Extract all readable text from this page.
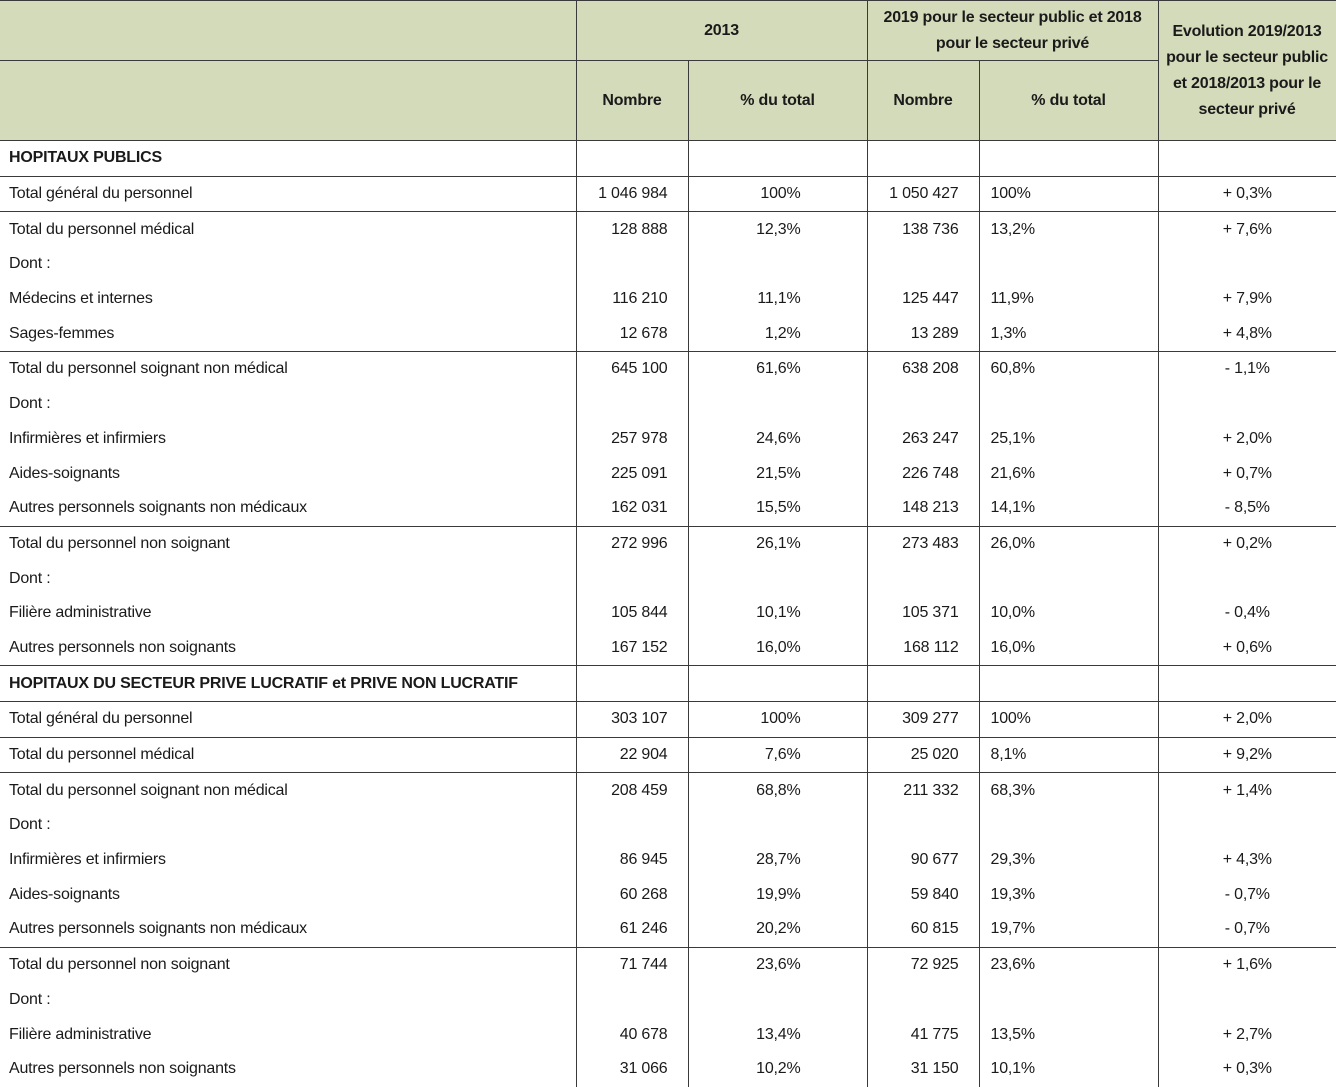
	2013		2019 pour le secteur public et 2018 pour le secteur privé		Evolution 2019/2013 pour le secteur public et 2018/2013 pour le secteur privé
	Nombre	% du total	Nombre	% du total	
HOPITAUX PUBLICS					
Total général du personnel	1 046 984	100%	1 050 427	100%	+ 0,3%
Total du personnel médical	128 888	12,3%	138 736	13,2%	+ 7,6%
Dont :					
Médecins et internes	116 210	11,1%	125 447	11,9%	+ 7,9%
Sages-femmes	12 678	1,2%	13 289	1,3%	+ 4,8%
Total du personnel soignant non médical	645 100	61,6%	638 208	60,8%	- 1,1%
Dont :					
Infirmières et infirmiers	257 978	24,6%	263 247	25,1%	+ 2,0%
Aides-soignants	225 091	21,5%	226 748	21,6%	+ 0,7%
Autres personnels soignants non médicaux	162 031	15,5%	148 213	14,1%	- 8,5%
Total du personnel non soignant	272 996	26,1%	273 483	26,0%	+ 0,2%
Dont :					
Filière administrative	105 844	10,1%	105 371	10,0%	- 0,4%
Autres personnels non soignants	167 152	16,0%	168 112	16,0%	+ 0,6%
HOPITAUX DU SECTEUR PRIVE LUCRATIF et PRIVE NON LUCRATIF					
Total général du personnel	303 107	100%	309 277	100%	+ 2,0%
Total du personnel médical	22 904	7,6%	25 020	8,1%	+ 9,2%
Total du personnel soignant non médical	208 459	68,8%	211 332	68,3%	+ 1,4%
Dont :					
Infirmières et infirmiers	86 945	28,7%	90 677	29,3%	+ 4,3%
Aides-soignants	60 268	19,9%	59 840	19,3%	- 0,7%
Autres personnels soignants non médicaux	61 246	20,2%	60 815	19,7%	- 0,7%
Total du personnel non soignant	71 744	23,6%	72 925	23,6%	+ 1,6%
Dont :					
Filière administrative	40 678	13,4%	41 775	13,5%	+ 2,7%
Autres personnels non soignants	31 066	10,2%	31 150	10,1%	+ 0,3%
